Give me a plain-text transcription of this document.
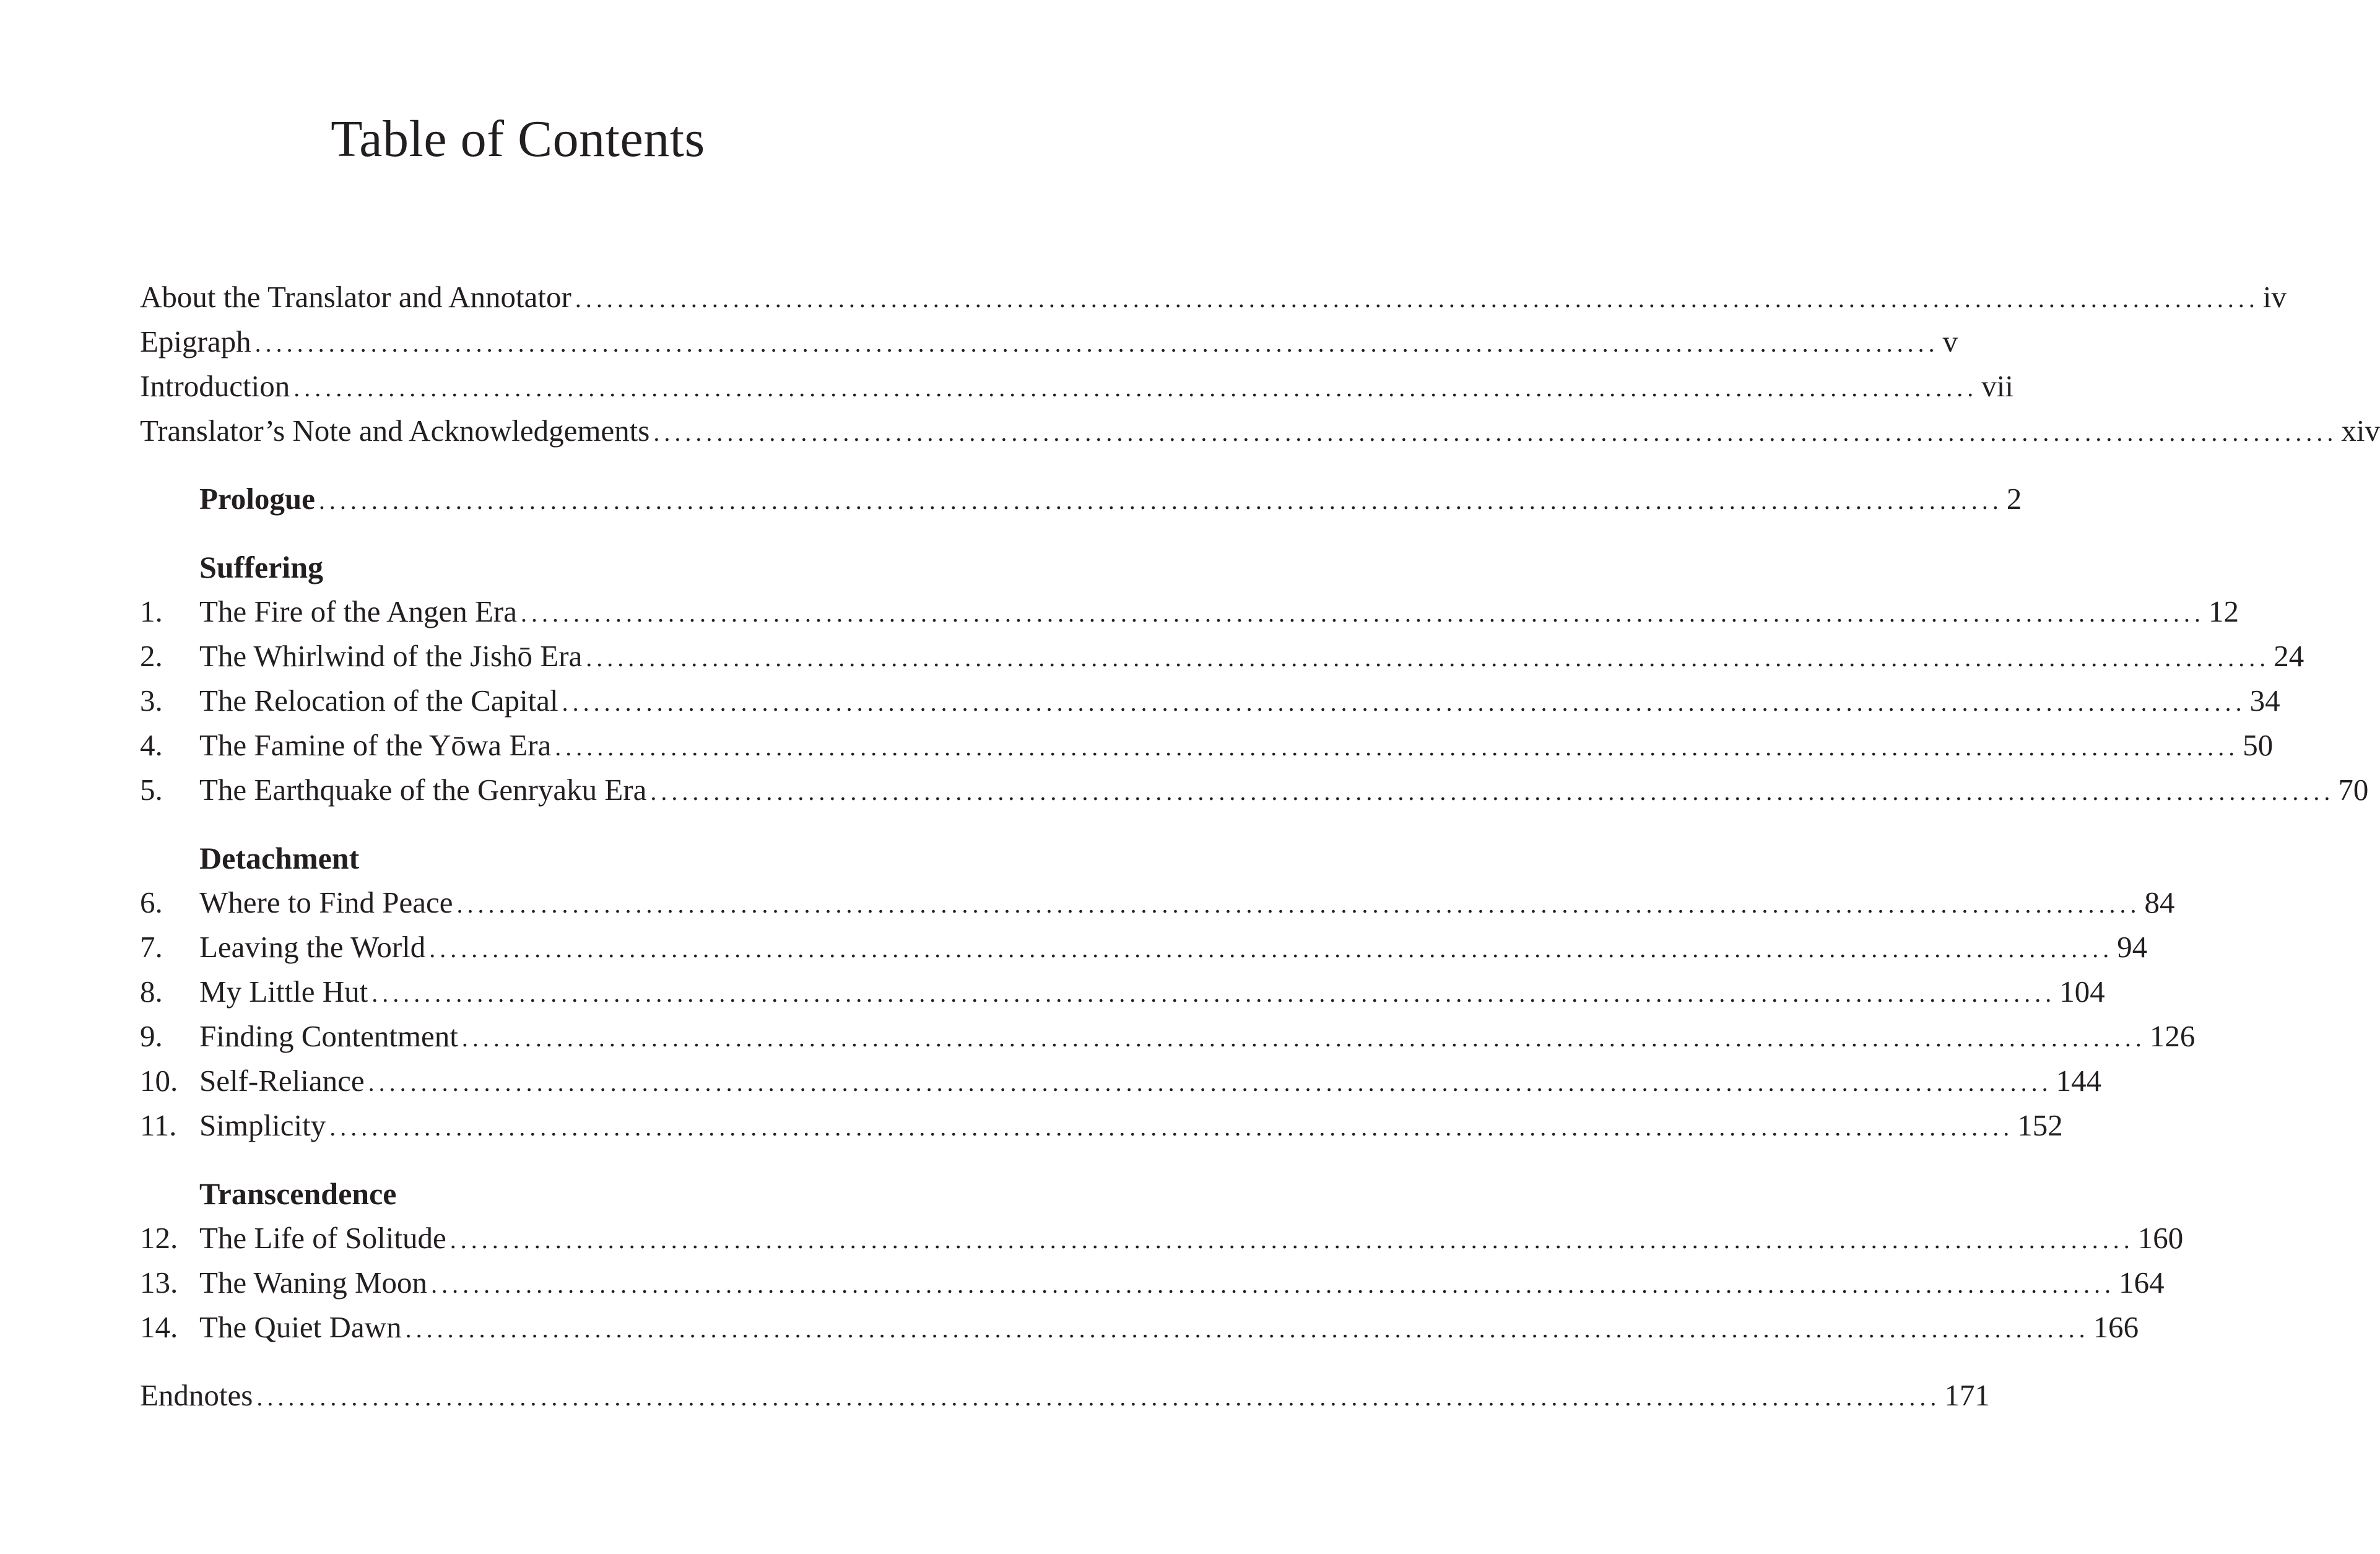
Table of Contents
About the Translator and Annotator ................................................................................................................................................................ iv
Epigraph ................................................................................................................................................................ v
Introduction ................................................................................................................................................................ vii
Translator’s Note and Acknowledgements ................................................................................................................................................................ xiv
Prologue ................................................................................................................................................................ 2
Suffering
1. The Fire of the Angen Era ................................................................................................................................................................ 12
2. The Whirlwind of the Jishō Era ................................................................................................................................................................ 24
3. The Relocation of the Capital ................................................................................................................................................................ 34
4. The Famine of the Yōwa Era ................................................................................................................................................................ 50
5. The Earthquake of the Genryaku Era ................................................................................................................................................................ 70
Detachment
6. Where to Find Peace ................................................................................................................................................................ 84
7. Leaving the World ................................................................................................................................................................ 94
8. My Little Hut ................................................................................................................................................................ 104
9. Finding Contentment ................................................................................................................................................................ 126
10. Self-Reliance ................................................................................................................................................................ 144
11. Simplicity ................................................................................................................................................................ 152
Transcendence
12. The Life of Solitude ................................................................................................................................................................ 160
13. The Waning Moon ................................................................................................................................................................ 164
14. The Quiet Dawn ................................................................................................................................................................ 166
Endnotes ................................................................................................................................................................ 171
